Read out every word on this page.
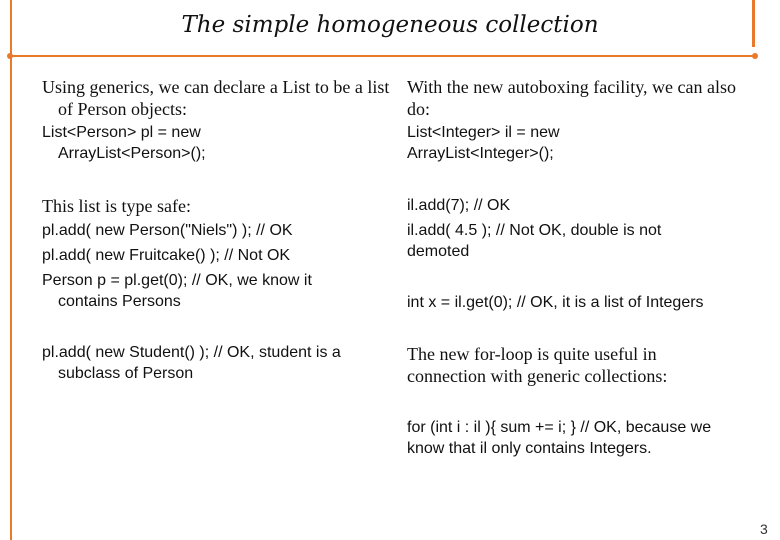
The simple homogeneous collection

Using generics, we can declare a List to be a list of Person objects:

List<Person> pl = new ArrayList<Person>();

This list is type safe:

pl.add( new Person("Niels") ); // OK

pl.add( new Fruitcake() ); // Not OK

Person p = pl.get(0); // OK, we know it contains Persons

pl.add( new Student() ); // OK, student is a subclass of Person

With the new autoboxing facility, we can also do:

List<Integer> il = new ArrayList<Integer>();

il.add(7); // OK

il.add( 4.5 ); // Not OK, double is not demoted

int x = il.get(0); // OK, it is a list of Integers

The new for-loop is quite useful in connection with generic collections:

for (int i : il ){ sum += i; } // OK, because we know that il only contains Integers.

3
